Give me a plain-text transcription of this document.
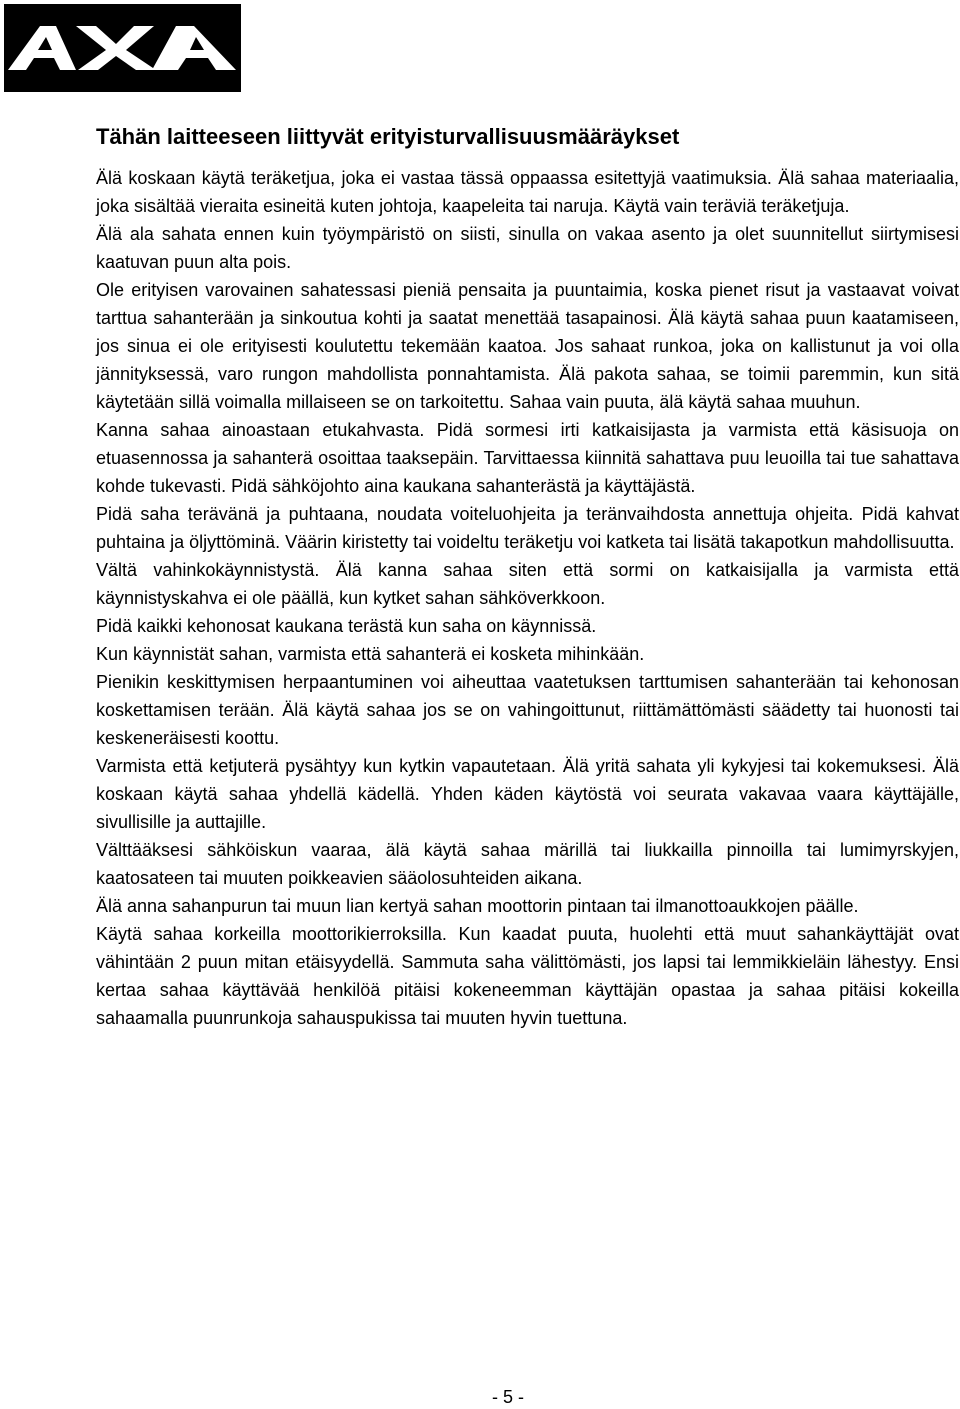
Tähän laitteeseen liittyvät erityisturvallisuusmääräykset

Älä koskaan käytä teräketjua, joka ei vastaa tässä oppaassa esitettyjä vaatimuksia. Älä sahaa materiaalia, joka sisältää vieraita esineitä kuten johtoja, kaapeleita tai naruja. Käytä vain teräviä teräketjuja.

Älä ala sahata ennen kuin työympäristö on siisti, sinulla on vakaa asento ja olet suunnitellut siirtymisesi kaatuvan puun alta pois.

Ole erityisen varovainen sahatessasi pieniä pensaita ja puuntaimia, koska pienet risut ja vastaavat voivat tarttua sahanterään ja sinkoutua kohti ja saatat menettää tasapainosi. Älä käytä sahaa puun kaatamiseen, jos sinua ei ole erityisesti koulutettu tekemään kaatoa. Jos sahaat runkoa, joka on kallistunut ja voi olla jännityksessä, varo rungon mahdollista ponnahtamista. Älä pakota sahaa, se toimii paremmin, kun sitä käytetään sillä voimalla millaiseen se on tarkoitettu. Sahaa vain puuta, älä käytä sahaa muuhun.

Kanna sahaa ainoastaan etukahvasta. Pidä sormesi irti katkaisijasta ja varmista että käsisuoja on etuasennossa ja sahanterä osoittaa taaksepäin. Tarvittaessa kiinnitä sahattava puu leuoilla tai tue sahattava kohde tukevasti. Pidä sähköjohto aina kaukana sahanterästä ja käyttäjästä.

Pidä saha terävänä ja puhtaana, noudata voiteluohjeita ja teränvaihdosta annettuja ohjeita. Pidä kahvat puhtaina ja öljyttöminä. Väärin kiristetty tai voideltu teräketju voi katketa tai lisätä takapotkun mahdollisuutta.

Vältä vahinkokäynnistystä. Älä kanna sahaa siten että sormi on katkaisijalla ja varmista että käynnistyskahva ei ole päällä, kun kytket sahan sähköverkkoon.

Pidä kaikki kehonosat kaukana terästä kun saha on käynnissä.

Kun käynnistät sahan, varmista että sahanterä ei kosketa mihinkään.

Pienikin keskittymisen herpaantuminen voi aiheuttaa vaatetuksen tarttumisen sahanterään tai kehonosan koskettamisen terään. Älä käytä sahaa jos se on vahingoittunut, riittämättömästi säädetty tai huonosti tai keskeneräisesti koottu.

Varmista että ketjuterä pysähtyy kun kytkin vapautetaan. Älä yritä sahata yli kykyjesi tai kokemuksesi. Älä koskaan käytä sahaa yhdellä kädellä. Yhden käden käytöstä voi seurata vakavaa vaara käyttäjälle, sivullisille ja auttajille.

Välttääksesi sähköiskun vaaraa, älä käytä sahaa märillä tai liukkailla pinnoilla tai lumimyrskyjen, kaatosateen tai muuten poikkeavien sääolosuhteiden aikana.

Älä anna sahanpurun tai muun lian kertyä sahan moottorin pintaan tai ilmanottoaukkojen päälle.

Käytä sahaa korkeilla moottorikierroksilla. Kun kaadat puuta, huolehti että muut sahankäyttäjät ovat vähintään 2 puun mitan etäisyydellä. Sammuta saha välittömästi, jos lapsi tai lemmikkieläin lähestyy. Ensi kertaa sahaa käyttävää henkilöä pitäisi kokeneemman käyttäjän opastaa ja sahaa pitäisi kokeilla sahaamalla puunrunkoja sahauspukissa tai muuten hyvin tuettuna.

- 5 -
